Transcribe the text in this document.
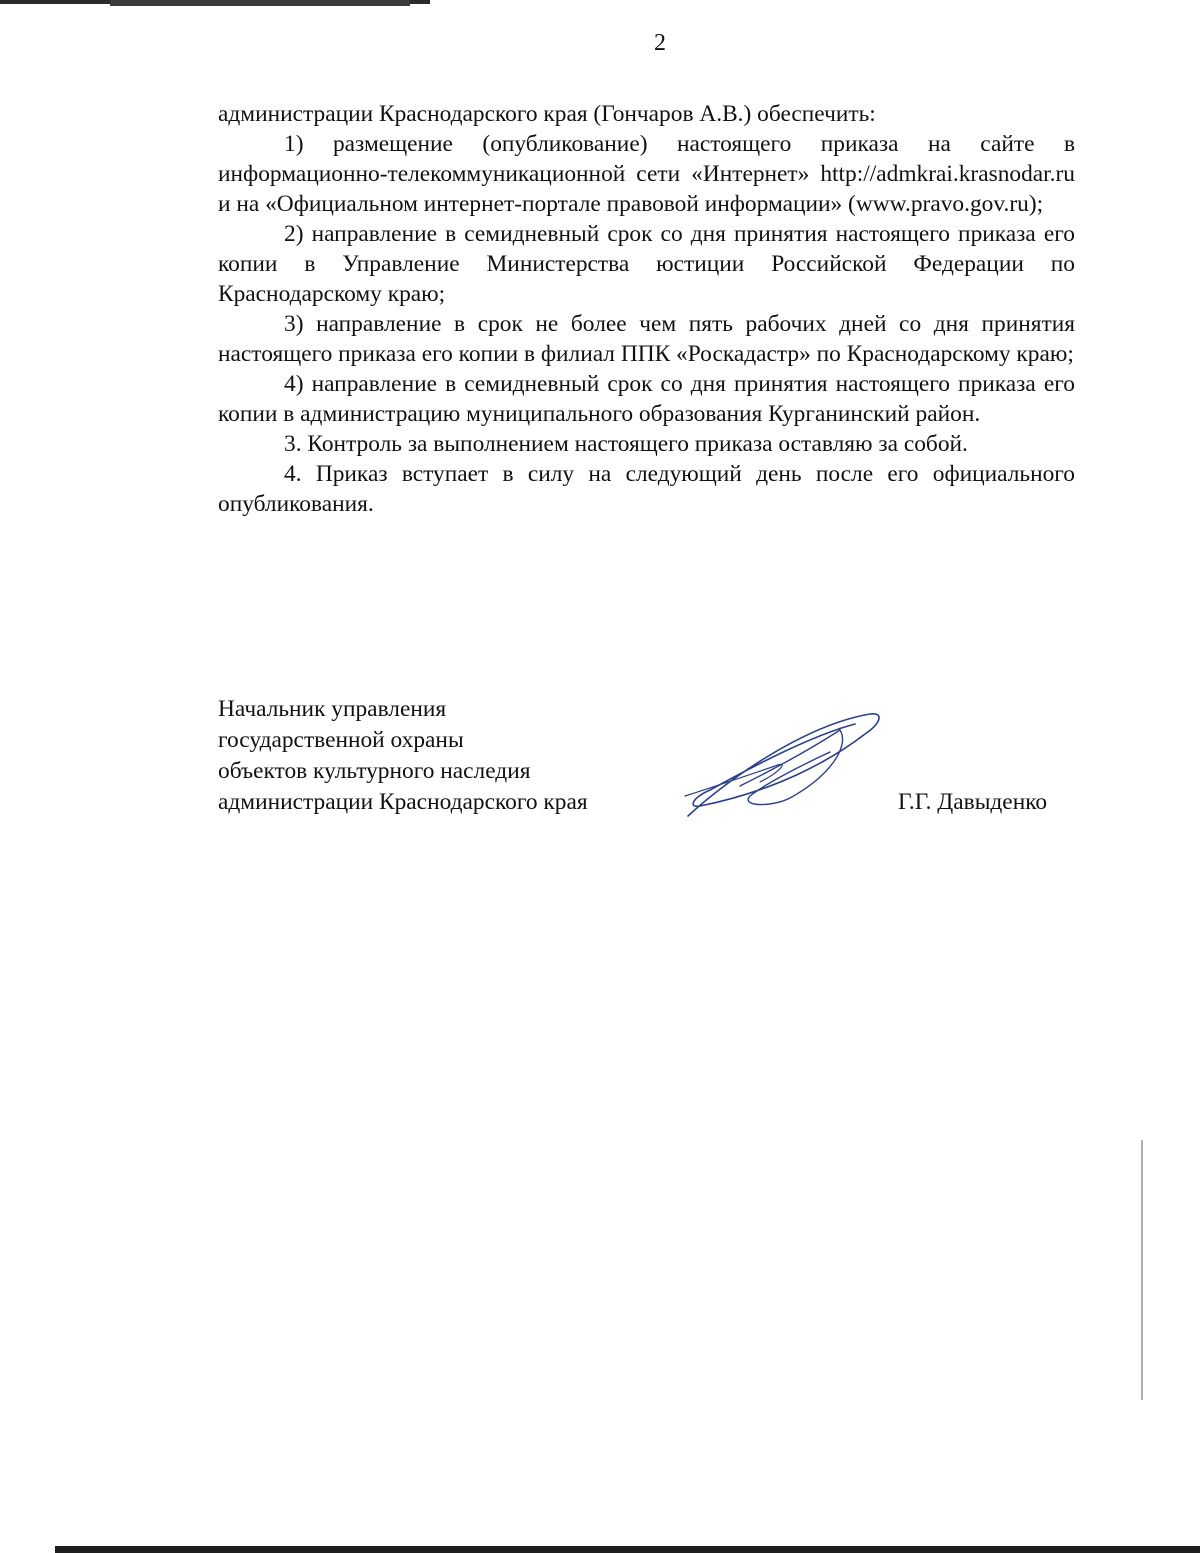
2

администрации Краснодарского края (Гончаров А.В.) обеспечить:

1) размещение (опубликование) настоящего приказа на сайте в информационно-телекоммуникационной сети «Интернет» http://admkrai.krasnodar.ru и на «Официальном интернет-портале правовой информации» (www.pravo.gov.ru);

2) направление в семидневный срок со дня принятия настоящего приказа его копии в Управление Министерства юстиции Российской Федерации по Краснодарскому краю;

3) направление в срок не более чем пять рабочих дней со дня принятия настоящего приказа его копии в филиал ППК «Роскадастр» по Краснодарскому краю;

4) направление в семидневный срок со дня принятия настоящего приказа его копии в администрацию муниципального образования Курганинский район.

3. Контроль за выполнением настоящего приказа оставляю за собой.

4. Приказ вступает в силу на следующий день после его официального опубликования.

Начальник управления
государственной охраны
объектов культурного наследия
администрации Краснодарского края	Г.Г. Давыденко
